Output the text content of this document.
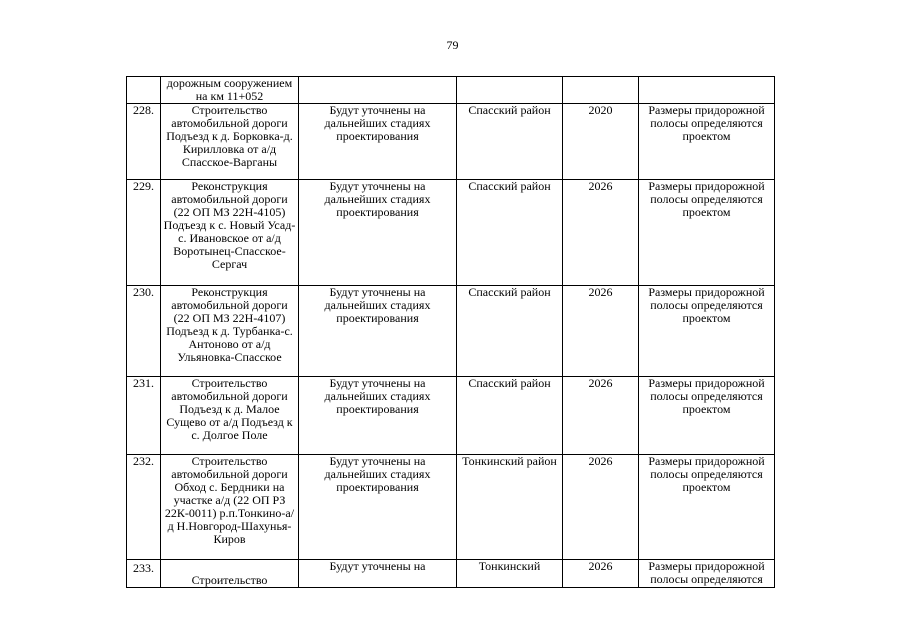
79

	дорожным сооружением на км 11+052				

228.	Строительство автомобильной дороги Подъезд к д. Борковка-д. Кирилловка от а/д Спасское-Варганы	Будут уточнены на дальнейших стадиях проектирования	Спасский район	2020	Размеры придорожной полосы определяются проектом
229.	Реконструкция автомобильной дороги (22 ОП МЗ 22Н-4105) Подъезд к с. Новый Усад-с. Ивановское от а/д Воротынец-Спасское-Сергач	Будут уточнены на дальнейших стадиях проектирования	Спасский район	2026	Размеры придорожной полосы определяются проектом
230.	Реконструкция автомобильной дороги (22 ОП МЗ 22Н-4107) Подъезд к д. Турбанка-с. Антоново от а/д Ульяновка-Спасское	Будут уточнены на дальнейших стадиях проектирования	Спасский район	2026	Размеры придорожной полосы определяются проектом
231.	Строительство автомобильной дороги Подъезд к д. Малое Сущево от а/д Подъезд к с. Долгое Поле	Будут уточнены на дальнейших стадиях проектирования	Спасский район	2026	Размеры придорожной полосы определяются проектом
232.	Строительство автомобильной дороги Обход с. Бердники на участке а/д (22 ОП РЗ 22К-0011) р.п.Тонкино-а/д Н.Новгород-Шахунья-Киров	Будут уточнены на дальнейших стадиях проектирования	Тонкинский район	2026	Размеры придорожной полосы определяются проектом
233.	Строительство	Будут уточнены на	Тонкинский	2026	Размеры придорожной полосы определяются
